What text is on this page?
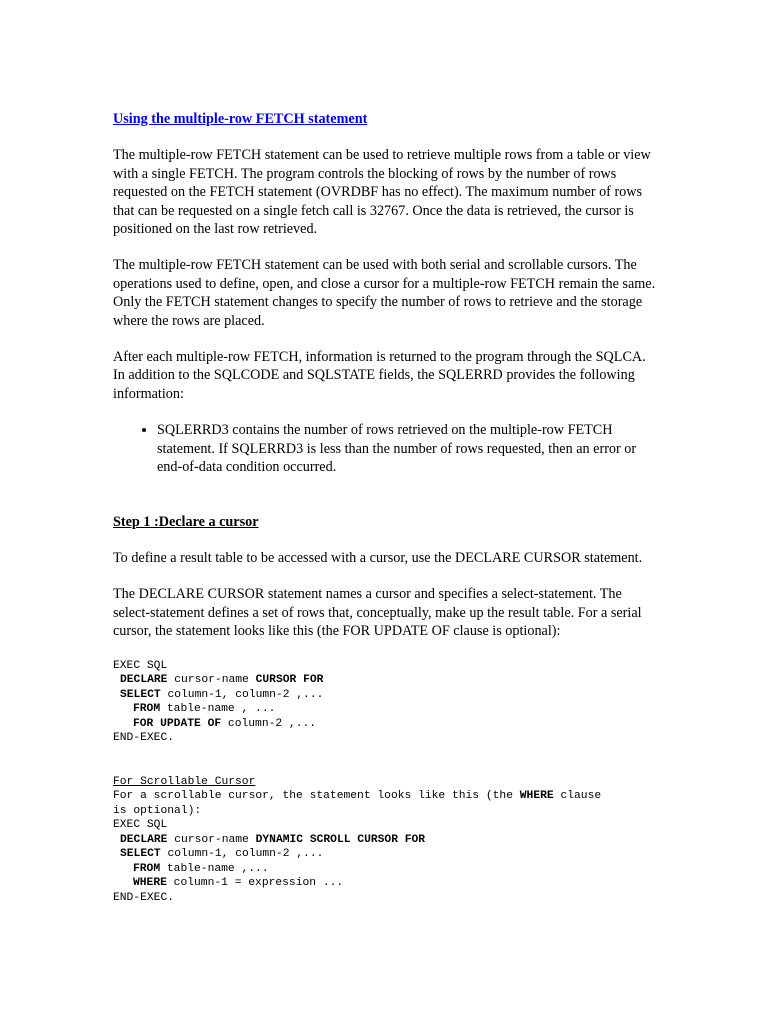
Using the multiple-row FETCH statement

The multiple-row FETCH statement can be used to retrieve multiple rows from a table or view with a single FETCH. The program controls the blocking of rows by the number of rows requested on the FETCH statement (OVRDBF has no effect). The maximum number of rows that can be requested on a single fetch call is 32767. Once the data is retrieved, the cursor is positioned on the last row retrieved.

The multiple-row FETCH statement can be used with both serial and scrollable cursors. The operations used to define, open, and close a cursor for a multiple-row FETCH remain the same. Only the FETCH statement changes to specify the number of rows to retrieve and the storage where the rows are placed.

After each multiple-row FETCH, information is returned to the program through the SQLCA. In addition to the SQLCODE and SQLSTATE fields, the SQLERRD provides the following information:

• SQLERRD3 contains the number of rows retrieved on the multiple-row FETCH statement. If SQLERRD3 is less than the number of rows requested, then an error or end-of-data condition occurred.
Step 1 :Declare a cursor

To define a result table to be accessed with a cursor, use the DECLARE CURSOR statement.

The DECLARE CURSOR statement names a cursor and specifies a select-statement. The select-statement defines a set of rows that, conceptually, make up the result table. For a serial cursor, the statement looks like this (the FOR UPDATE OF clause is optional):

EXEC SQL
DECLARE cursor-name CURSOR FOR
SELECT column-1, column-2 ,...
FROM table-name , ...
FOR UPDATE OF column-2 ,...
END-EXEC.
For Scrollable Cursor
For a scrollable cursor, the statement looks like this (the WHERE clause
is optional):
EXEC SQL
DECLARE cursor-name DYNAMIC SCROLL CURSOR FOR
SELECT column-1, column-2 ,...
FROM table-name ,...
WHERE column-1 = expression ...
END-EXEC.
